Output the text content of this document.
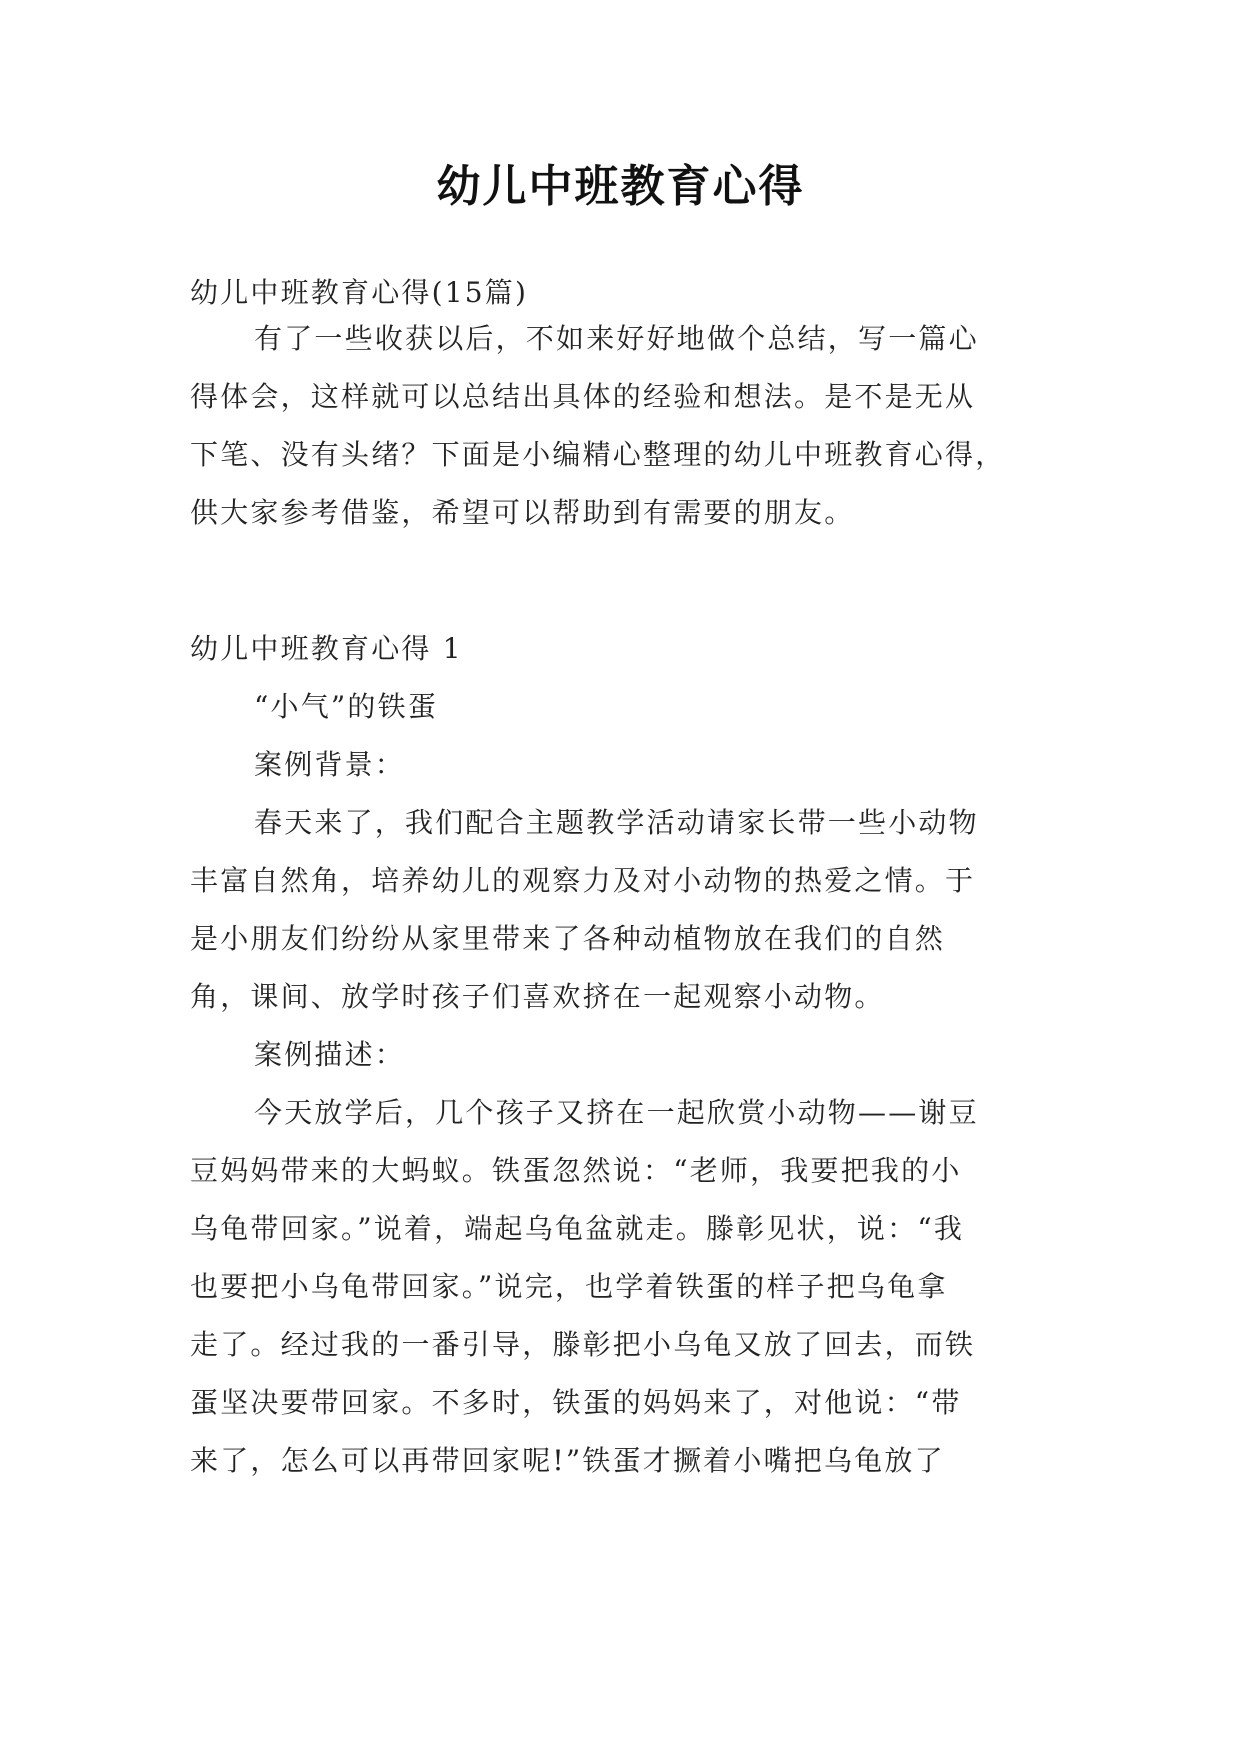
幼儿中班教育心得

幼儿中班教育心得(15篇)

有了一些收获以后，不如来好好地做个总结，写一篇心

得体会，这样就可以总结出具体的经验和想法。是不是无从

下笔、没有头绪？下面是小编精心整理的幼儿中班教育心得，

供大家参考借鉴，希望可以帮助到有需要的朋友。

幼儿中班教育心得 1

“小气”的铁蛋

案例背景：

春天来了，我们配合主题教学活动请家长带一些小动物

丰富自然角，培养幼儿的观察力及对小动物的热爱之情。于

是小朋友们纷纷从家里带来了各种动植物放在我们的自然

角，课间、放学时孩子们喜欢挤在一起观察小动物。

案例描述：

今天放学后，几个孩子又挤在一起欣赏小动物——谢豆

豆妈妈带来的大蚂蚁。铁蛋忽然说：“老师，我要把我的小

乌龟带回家。”说着，端起乌龟盆就走。滕彰见状，说：“我

也要把小乌龟带回家。”说完，也学着铁蛋的样子把乌龟拿

走了。经过我的一番引导，滕彰把小乌龟又放了回去，而铁

蛋坚决要带回家。不多时，铁蛋的妈妈来了，对他说：“带

来了，怎么可以再带回家呢!”铁蛋才撅着小嘴把乌龟放了
